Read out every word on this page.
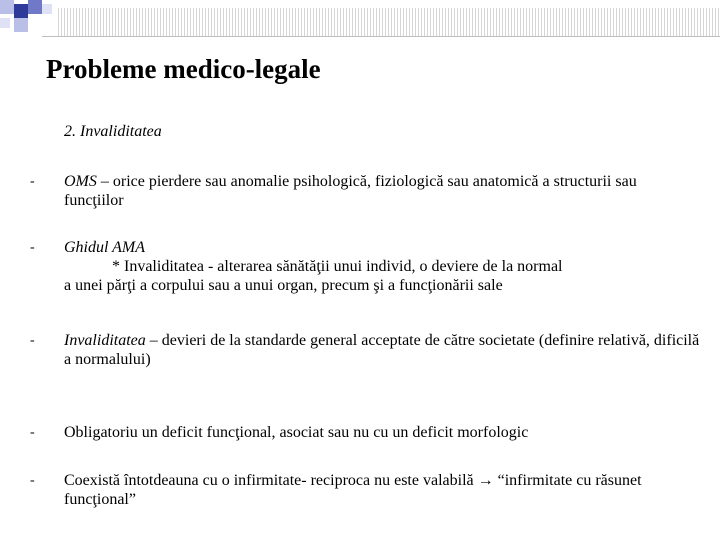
Probleme medico-legale
2. Invaliditatea
- OMS – orice pierdere sau anomalie psihologică, fiziologică sau anatomică a structurii sau funcţiilor
- Ghidul AMA
* Invaliditatea - alterarea sănătăţii unui individ, o deviere de la normal
a unei părţi a corpului sau a unui organ, precum şi a funcţionării sale
- Invaliditatea – devieri de la standarde general acceptate de către societate (definire relativă, dificilă a normalului)
- Obligatoriu un deficit funcţional, asociat sau nu cu un deficit morfologic
- Coexistă întotdeauna cu o infirmitate- reciproca nu este valabilă → “infirmitate cu răsunet funcţional”
